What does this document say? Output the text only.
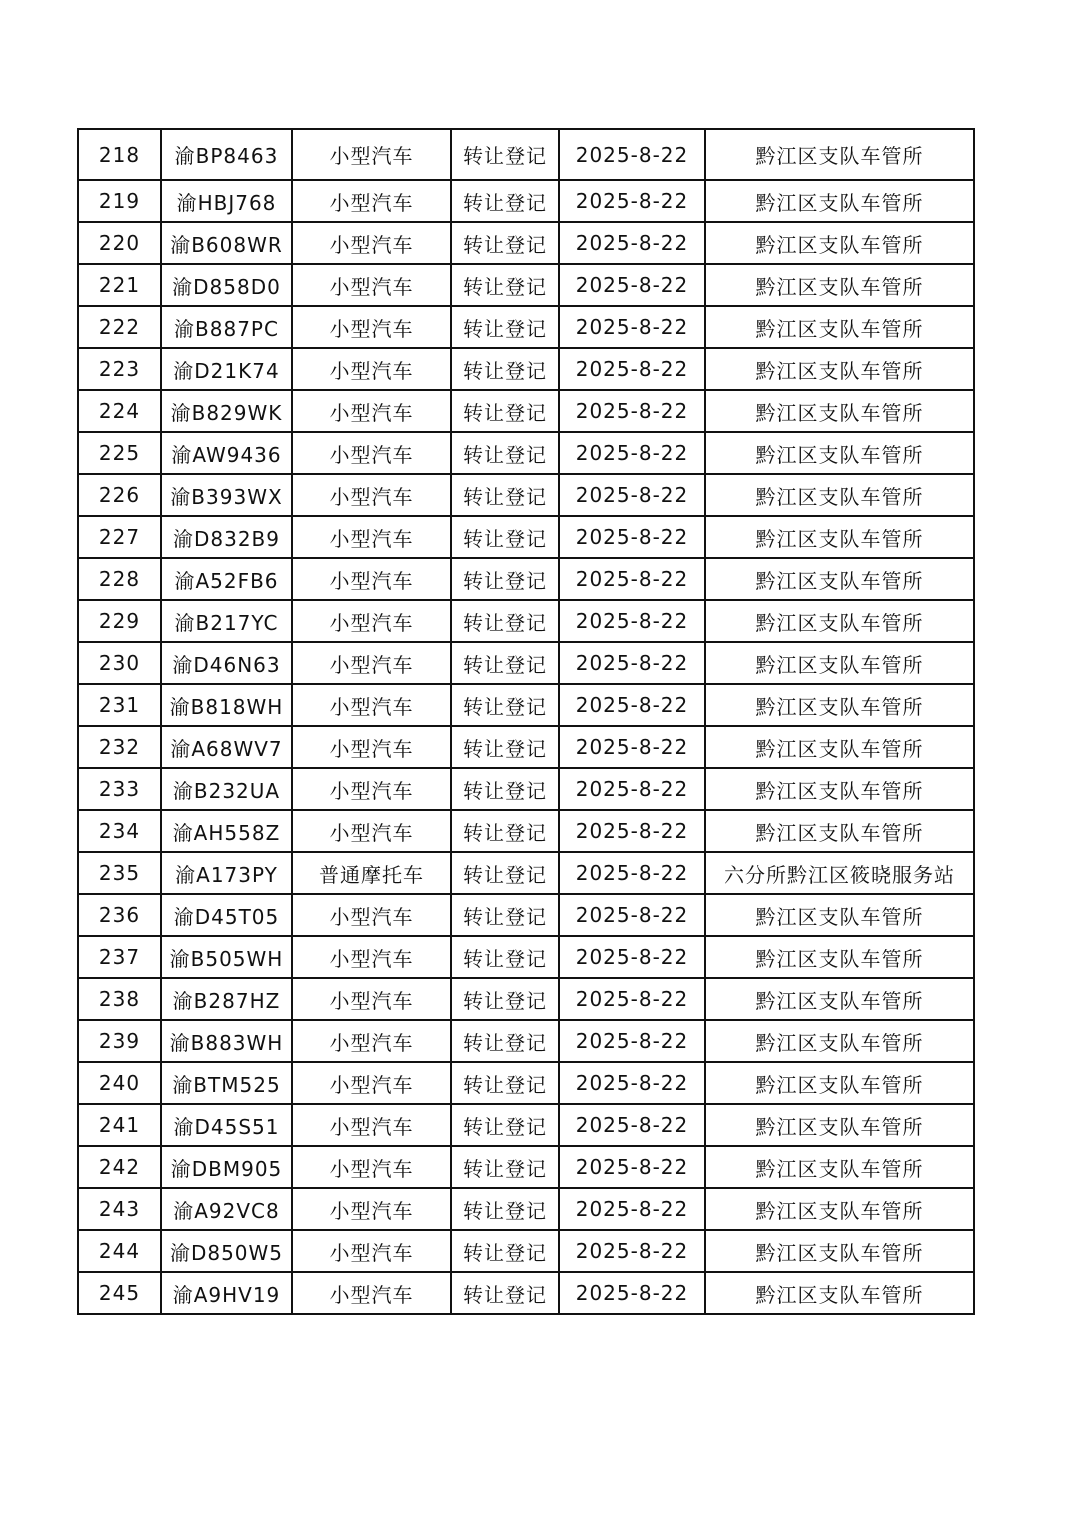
218	渝BP8463	小型汽车	转让登记	2025-8-22	黔江区支队车管所
219	渝HBJ768	小型汽车	转让登记	2025-8-22	黔江区支队车管所
220	渝B608WR	小型汽车	转让登记	2025-8-22	黔江区支队车管所
221	渝D858D0	小型汽车	转让登记	2025-8-22	黔江区支队车管所
222	渝B887PC	小型汽车	转让登记	2025-8-22	黔江区支队车管所
223	渝D21K74	小型汽车	转让登记	2025-8-22	黔江区支队车管所
224	渝B829WK	小型汽车	转让登记	2025-8-22	黔江区支队车管所
225	渝AW9436	小型汽车	转让登记	2025-8-22	黔江区支队车管所
226	渝B393WX	小型汽车	转让登记	2025-8-22	黔江区支队车管所
227	渝D832B9	小型汽车	转让登记	2025-8-22	黔江区支队车管所
228	渝A52FB6	小型汽车	转让登记	2025-8-22	黔江区支队车管所
229	渝B217YC	小型汽车	转让登记	2025-8-22	黔江区支队车管所
230	渝D46N63	小型汽车	转让登记	2025-8-22	黔江区支队车管所
231	渝B818WH	小型汽车	转让登记	2025-8-22	黔江区支队车管所
232	渝A68WV7	小型汽车	转让登记	2025-8-22	黔江区支队车管所
233	渝B232UA	小型汽车	转让登记	2025-8-22	黔江区支队车管所
234	渝AH558Z	小型汽车	转让登记	2025-8-22	黔江区支队车管所
235	渝A173PY	普通摩托车	转让登记	2025-8-22	六分所黔江区筱晓服务站
236	渝D45T05	小型汽车	转让登记	2025-8-22	黔江区支队车管所
237	渝B505WH	小型汽车	转让登记	2025-8-22	黔江区支队车管所
238	渝B287HZ	小型汽车	转让登记	2025-8-22	黔江区支队车管所
239	渝B883WH	小型汽车	转让登记	2025-8-22	黔江区支队车管所
240	渝BTM525	小型汽车	转让登记	2025-8-22	黔江区支队车管所
241	渝D45S51	小型汽车	转让登记	2025-8-22	黔江区支队车管所
242	渝DBM905	小型汽车	转让登记	2025-8-22	黔江区支队车管所
243	渝A92VC8	小型汽车	转让登记	2025-8-22	黔江区支队车管所
244	渝D850W5	小型汽车	转让登记	2025-8-22	黔江区支队车管所
245	渝A9HV19	小型汽车	转让登记	2025-8-22	黔江区支队车管所
